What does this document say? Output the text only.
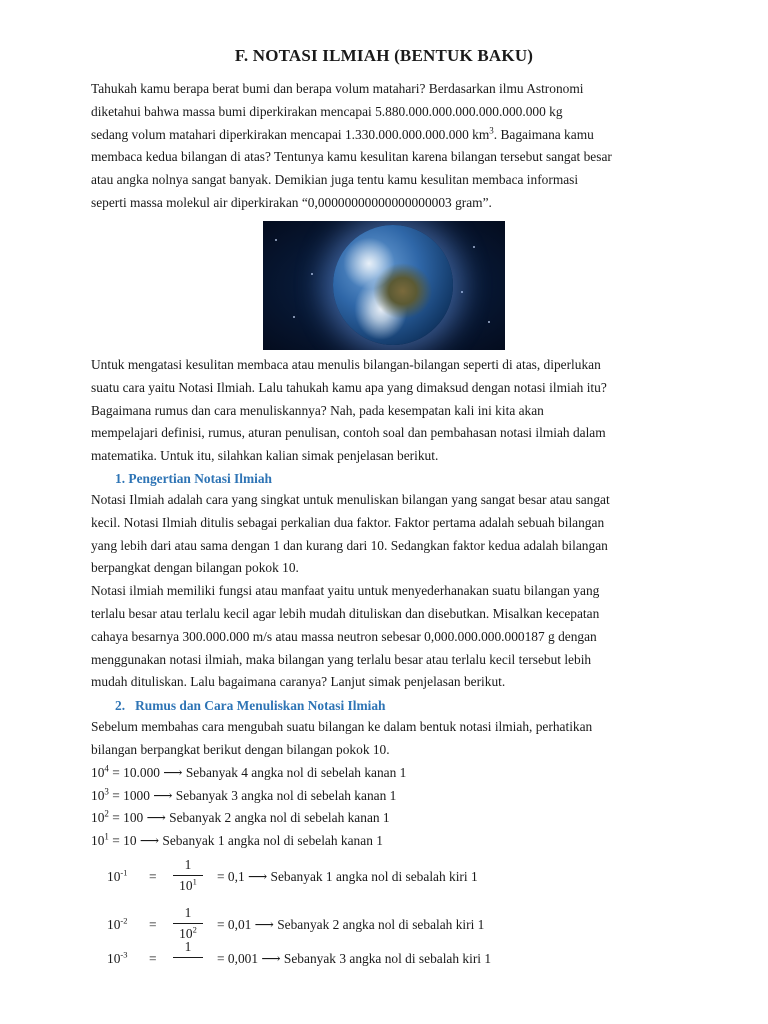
F. NOTASI ILMIAH (BENTUK BAKU)
Tahukah kamu berapa berat bumi dan berapa volum matahari? Berdasarkan ilmu Astronomi
diketahui bahwa massa bumi diperkirakan mencapai 5.880.000.000.000.000.000.000 kg
sedang volum matahari diperkirakan mencapai 1.330.000.000.000.000 $km^3$. Bagaimana kamu
membaca kedua bilangan di atas? Tentunya kamu kesulitan karena bilangan tersebut sangat besar
atau angka nolnya sangat banyak. Demikian juga tentu kamu kesulitan membaca informasi
seperti massa molekul air diperkirakan “0,00000000000000000003 gram”.
Untuk mengatasi kesulitan membaca atau menulis bilangan-bilangan seperti di atas, diperlukan
suatu cara yaitu Notasi Ilmiah. Lalu tahukah kamu apa yang dimaksud dengan notasi ilmiah itu?
Bagaimana rumus dan cara menuliskannya? Nah, pada kesempatan kali ini kita akan
mempelajari definisi, rumus, aturan penulisan, contoh soal dan pembahasan notasi ilmiah dalam
matematika. Untuk itu, silahkan kalian simak penjelasan berikut.
1. Pengertian Notasi Ilmiah
Notasi Ilmiah adalah cara yang singkat untuk menuliskan bilangan yang sangat besar atau sangat
kecil. Notasi Ilmiah ditulis sebagai perkalian dua faktor. Faktor pertama adalah sebuah bilangan
yang lebih dari atau sama dengan 1 dan kurang dari 10. Sedangkan faktor kedua adalah bilangan
berpangkat dengan bilangan pokok 10.
Notasi ilmiah memiliki fungsi atau manfaat yaitu untuk menyederhanakan suatu bilangan yang
terlalu besar atau terlalu kecil agar lebih mudah dituliskan dan disebutkan. Misalkan kecepatan
cahaya besarnya 300.000.000 m/s atau massa neutron sebesar 0,000.000.000.000187 g dengan
menggunakan notasi ilmiah, maka bilangan yang terlalu besar atau terlalu kecil tersebut lebih
mudah dituliskan. Lalu bagaimana caranya? Lanjut simak penjelasan berikut.
2. Rumus dan Cara Menuliskan Notasi Ilmiah
Sebelum membahas cara mengubah suatu bilangan ke dalam bentuk notasi ilmiah, perhatikan
bilangan berpangkat berikut dengan bilangan pokok 10.
$10^4 = 10.000$ ⟶ Sebanyak 4 angka nol di sebelah kanan 1
$10^3 = 1000$ ⟶ Sebanyak 3 angka nol di sebelah kanan 1
$10^2 = 100$ ⟶ Sebanyak 2 angka nol di sebelah kanan 1
$10^1 = 10$ ⟶ Sebanyak 1 angka nol di sebelah kanan 1
$10^{-1}$ =
1
$10^1$	= 0,1 ⟶ Sebanyak 1 angka nol di sebalah kiri 1
$10^{-2}$ =
1
$10^2$	= 0,01 ⟶ Sebanyak 2 angka nol di sebalah kiri 1
$10^{-3}$ =
1
= 0,001 ⟶ Sebanyak 3 angka nol di sebalah kiri 1
